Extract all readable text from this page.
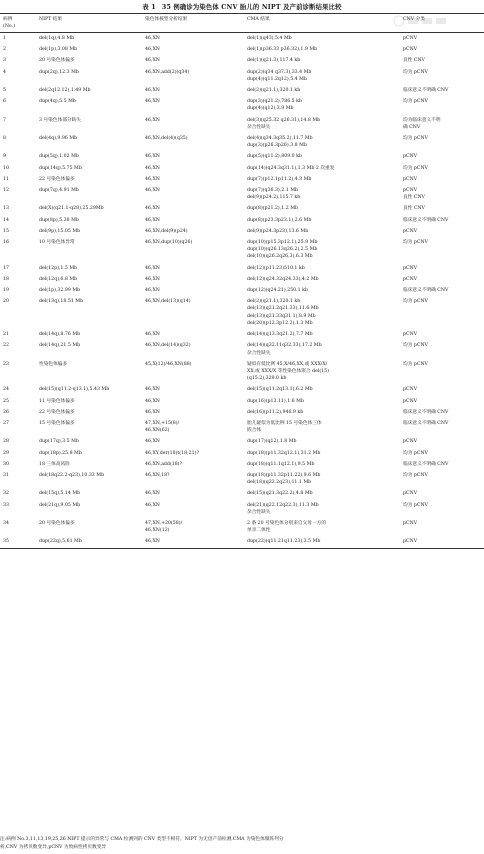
表 1 35 例确诊为染色体 CNV 胎儿的 NIPT 及产前诊断结果比较
病例
(No.)	NIPT 结果	染色体核型分析结果	CMA 结果	CNV 分类

1	del(1q),4.8 Mb	46,XN	del(1)(q43),5.4 Mb	pCNV

2	del(1p),3.08 Mb	46,XN	del(1)(p36.33 p36.32),1.9 Mb	pCNV

3	20 号染色体偏多	46,XN	del(1)(q21.3),117.4 kb	良性 CNV

4	dup(2q),12.3 Mb	46,XN,add(2)(q34)	dup(2)(q34 q37.3),33.4 Mb
dup(4)(q11.2q12),5.4 Mb	均为 pCNV

5	del(2q12.12),1.49 Mb	46,XN	del(2)(q21.1),320.1 kb	临床意义不明确 CNV

6	dup(4q),5.5 Mb	46,XN	dup(3)(q21.2),786.5 kb
dup(4)(q12),3.9 Mb	均为 pCNV

7	3 号染色体部分缺失	46,XN	del(3)(q25.32 q26.31),14.8 Mb
杂合性缺失	均为临床意义不明
确 CNV

8	del(4q),9.96 Mb	46,XN,del(4)(q35)	del(4)(q34.3q35.2),11.7 Mb
dup(3)(p26.3p26),3.8 Mb	均为 pCNV

9	dup(5q),1.02 Mb	46,XN	dup(5)(q11.2),809.0 kb	pCNV

10	dup(14q),5.75 Mb	46,XN	dup(14)(q24.3q31.1),1.3 Mb 2 次重复	均为 pCNV

11	22 号染色体偏多	46,XN	dup(7)(p12.1p11.2),4.3 Mb	pCNV

12	dup(7q),4.91 Mb	46,XN	dup(7)(q36.3),2.1 Mb
del(9)(p24.2),115.7 kb	pCNV
良性 CNV

13	del(X)(q21.1-q28),25.29Mb	46,XN	dup(8)(p21.2),1.2 Mb	良性 CNV

14	dup(8p),5.38 Mb	46,XN	dup(8)(p23.3p23.1),2.6 Mb	临床意义不明确 CNV

15	del(9p),15.05 Mb	46,XN,del(9)(p24)	del(9)(p24.3p23),13.6 Mb	pCNV

16	10 号染色体异常	46,XN,dup(10)(q26)	dup(10)(p15.3p12.1),25.9 Mb
dup(10)(q26.13q26.2),2.5 Mb
del(10)(q26.2q26.3),6.3 Mb	均为 pCNV

17	del(12p),1.5 Mb	46,XN	del(12)(p11.23)510.1 kb	pCNV

18	del(12q),6.8 Mb	46,XN	del(12)(q24.32q24.33),4.2 Mb	pCNV

19	del(1p),32.99 Mb	46,XN	dup(12)(q24.21),250.1 kb	临床意义不明确 CNV

20	del(13q),18.51 Mb	46,XN,del(13)(q14)	del(2)(q21.1),320.1 kb
del(13)(q21.2q21.33),11.6 Mb
del(13)(q21.33q31.1),8.9 Mb
del(20)(p12.3p12.2),1.3 Mb	均为 pCNV

21	del(14q),8.76 Mb	46,XN	del(14)(q13.3q21.2),7.7 Mb	pCNV

22	del(14q),21.5 Mb	46,XN,del(14)(q32)	del(14)(q32.11q32.33),17.2 Mb
杂合性缺失	均为 pCNV

23	性染色体偏多	45,X(12)/46,XN(88)	疑似有低比例 45,X/46,XX,或 XXX/X/
XX,或 XXX/X 等性染色体嵌合 del(15)
(q15.2),329.0 kb	均为 pCNV

24	del(15)(q11.2-q13.1),5.43 Mb	46,XN	del(15)(q11.2q13.1),6.2 Mb	pCNV

25	11 号染色体偏多	46,XN	dup(16)(p13.11),1.6 Mb	pCNV

26	22 号染色体偏多	46,XN	del(16)(p11.2),946.9 kb	临床意义不明确 CNV

27	15 号染色体偏多	47,XN,+15(8)/
46,XN(62)	胎儿疑似为低比例 15 号染色体三体
嵌合体	临床意义不明确 CNV

28	dup(17q),3.5 Mb	46,XN	dup(17)(q12),1.8 Mb	pCNV

29	dup(18p),25.8 Mb	46,XY,der(18)t(18;21)?	dup(18)(p11.32q12.1),31.2 Mb	均为 pCNV

30	18 三体高风险	46,XN,add(18)?	dup(18)(q11.1q12.1),9.5 Mb	临床意义不明确 CNV

31	del(18q22.2-q23),10.33 Mb	46,XN,18?	dup(18)(p11.32p11.22),9.6 Mb
del(18)(q22.2q23),11.1 Mb	均为 pCNV

32	del(15q),5.14 Mb	46,XN	del(15)(q21.3q22.2),4.8 Mb	pCNV

33	del(21q),9.05 Mb	46,XN	del(21)(q22.12q22.3),11.3 Mb
杂合性缺失	均为 pCNV

34	20 号染色体偏多	47,XN,+20(58)/
46,XN(12)	2 条 20 号染色体分别来自父母一方的
单亲二体性	pCNV

35	dup(22q),5.61 Mb	46,XN	dup(22)(q11.21q11.23),3.5 Mb	pCNV
注:病例 No.3,11,13,19,25,26 NIPT 提示的异常与 CMA 检测到的 CNV 类型不相符。NIPT 为无创产前检测,CMA 为染色体微阵列分
析,CNV 为拷贝数变异,pCNV 为致病性拷贝数变异
